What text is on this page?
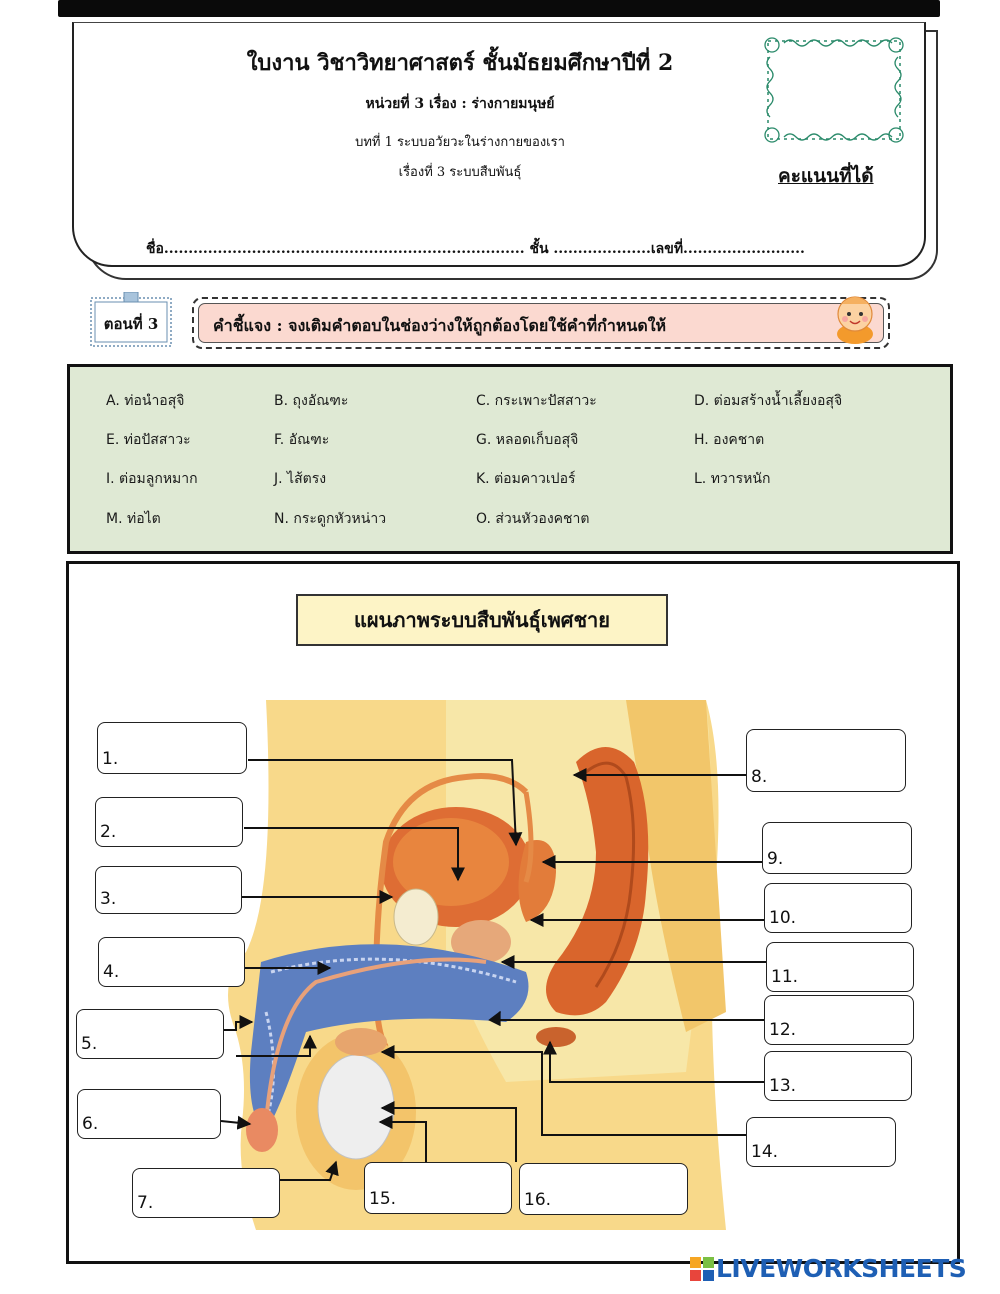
ใบงาน วิชาวิทยาศาสตร์ ชั้นมัธยมศึกษาปีที่ 2
หน่วยที่ 3 เรื่อง : ร่างกายมนุษย์
บทที่ 1 ระบบอวัยวะในร่างกายของเรา
เรื่องที่ 3 ระบบสืบพันธุ์
ชื่อ.......................................................................... ชั้น ....................เลขที่.........................
คะแนนที่ได้
ตอนที่ 3	คำชี้แจง : จงเติมคำตอบในช่องว่างให้ถูกต้องโดยใช้คำที่กำหนดให้
A. ท่อนำอสุจิ	B. ถุงอัณฑะ	C. กระเพาะปัสสาวะ	D. ต่อมสร้างน้ำเลี้ยงอสุจิ
E. ท่อปัสสาวะ	F. อัณฑะ	G. หลอดเก็บอสุจิ	H. องคชาต
I. ต่อมลูกหมาก	J. ไส้ตรง	K. ต่อมคาวเปอร์	L. ทวารหนัก
M. ท่อไต	N. กระดูกหัวหน่าว	O. ส่วนหัวองคชาต
แผนภาพระบบสืบพันธุ์เพศชาย
1.
2.
3.
4.
5.
6.
7.
8.
9.
10.
11.
12.
13.
14.
15.	16.
LIVEWORKSHEETS
